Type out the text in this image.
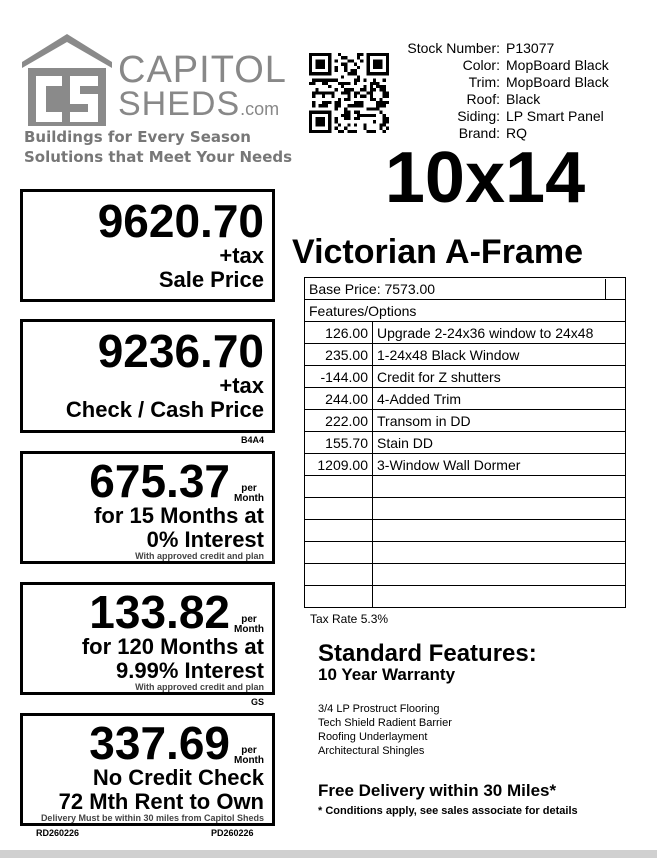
CAPITOL
SHEDS.com
Buildings for Every Season
Solutions that Meet Your Needs
Stock Number: P13077
Color: MopBoard Black
Trim: MopBoard Black
Roof: Black
Siding: LP Smart Panel
Brand: RQ
10x14
Victorian A-Frame
9620.70
+tax
Sale Price
9236.70
+tax
Check / Cash Price
B4A4
675.37 per
Month
for 15 Months at
0% Interest
With approved credit and plan
133.82 per
Month
for 120 Months at
9.99% Interest
With approved credit and plan
GS
337.69 per
Month
No Credit Check
72 Mth Rent to Own
Delivery Must be within 30 miles from Capitol Sheds
RD260226	PD260226
Base Price: 7573.00	

Features/Options	
126.00	Upgrade 2-24x36 window to 24x48
235.00	1-24x48 Black Window
-144.00	Credit for Z shutters
244.00	4-Added Trim
222.00	Transom in DD
155.70	Stain DD
1209.00	3-Window Wall Dormer

Tax Rate 5.3%
Standard Features:
10 Year Warranty
3/4 LP Prostruct Flooring
Tech Shield Radient Barrier
Roofing Underlayment
Architectural Shingles
Free Delivery within 30 Miles*
* Conditions apply, see sales associate for details
